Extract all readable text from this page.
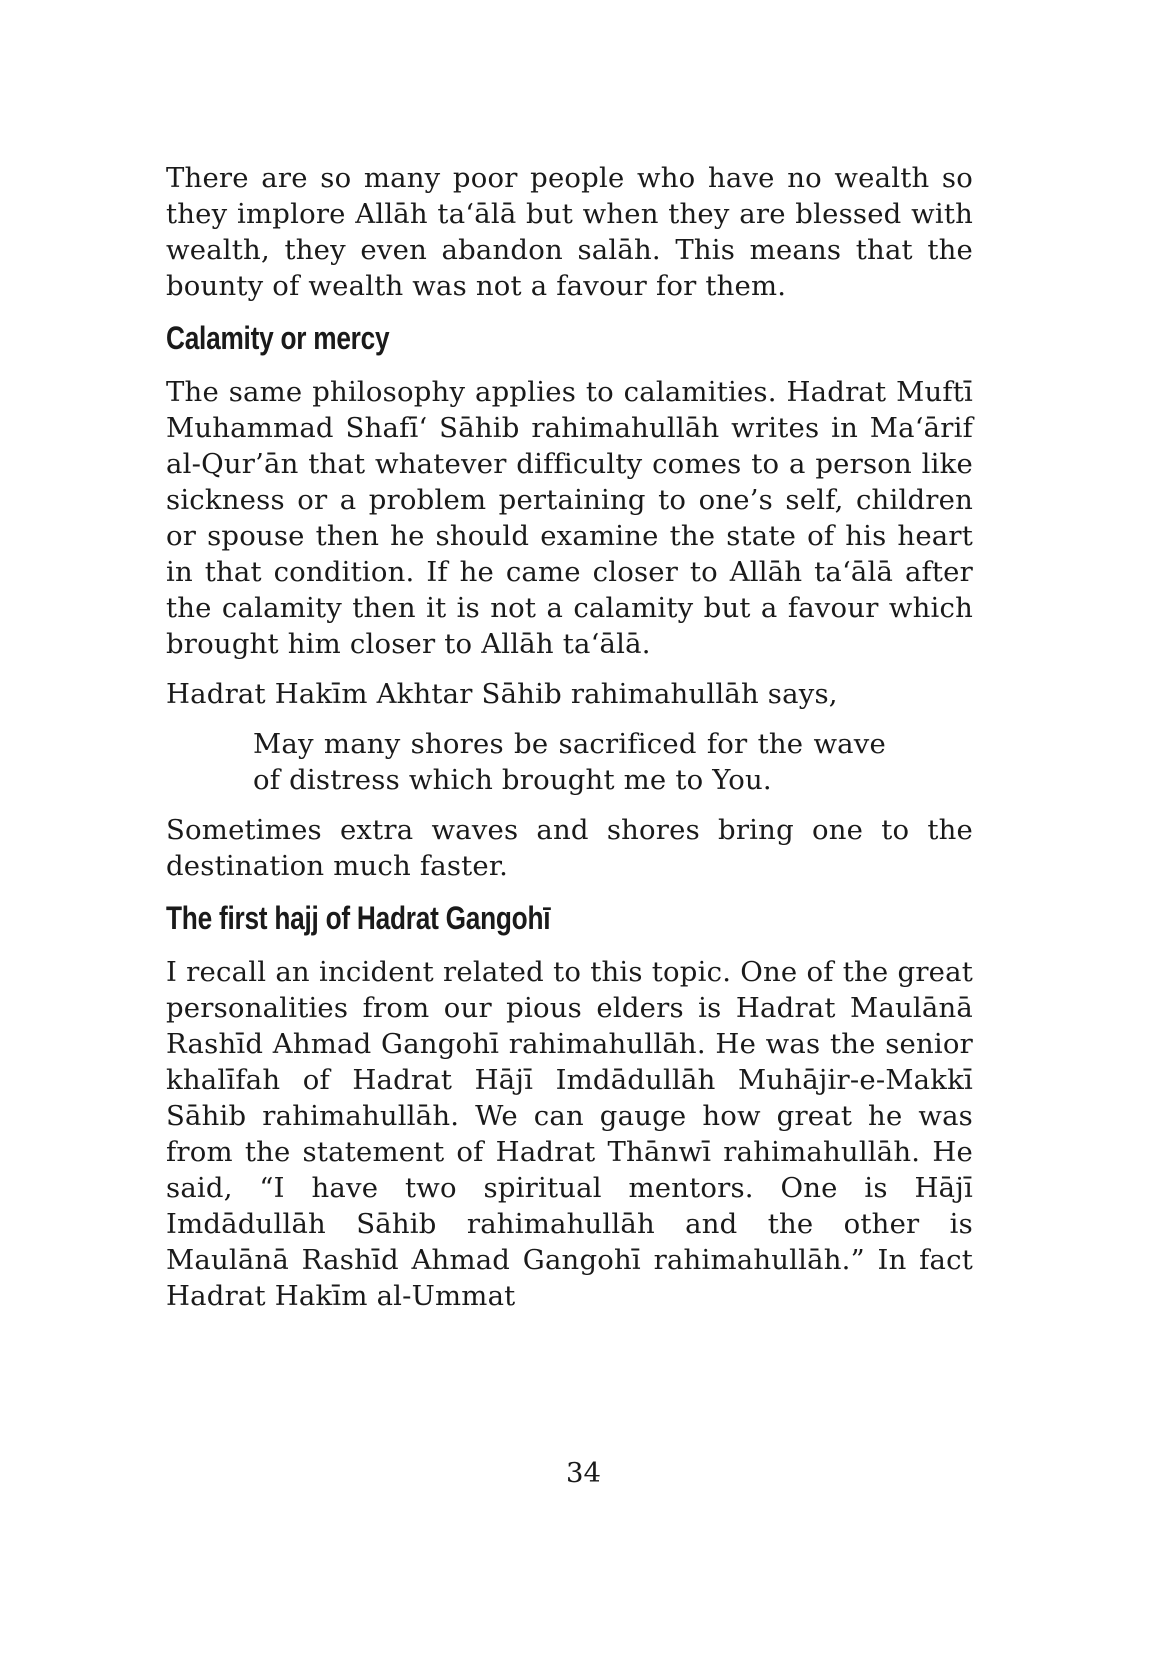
There are so many poor people who have no wealth so they implore Allāh ta‘ālā but when they are blessed with wealth, they even abandon salāh. This means that the bounty of wealth was not a favour for them.

Calamity or mercy

The same philosophy applies to calamities. Hadrat Muftī Muhammad Shafī‘ Sāhib rahimahullāh writes in Ma‘ārif al-Qur’ān that whatever difficulty comes to a person like sickness or a problem pertaining to one’s self, children or spouse then he should examine the state of his heart in that condition. If he came closer to Allāh ta‘ālā after the calamity then it is not a calamity but a favour which brought him closer to Allāh ta‘ālā.

Hadrat Hakīm Akhtar Sāhib rahimahullāh says,

May many shores be sacrificed for the wave of distress which brought me to You.

Sometimes extra waves and shores bring one to the destination much faster.

The first hajj of Hadrat Gangohī

I recall an incident related to this topic. One of the great personalities from our pious elders is Hadrat Maulānā Rashīd Ahmad Gangohī rahimahullāh. He was the senior khalīfah of Hadrat Hājī Imdādullāh Muhājir-e-Makkī Sāhib rahimahullāh. We can gauge how great he was from the statement of Hadrat Thānwī rahimahullāh. He said, “I have two spiritual mentors. One is Hājī Imdādullāh Sāhib rahimahullāh and the other is Maulānā Rashīd Ahmad Gangohī rahimahullāh.” In fact Hadrat Hakīm al-Ummat

34
